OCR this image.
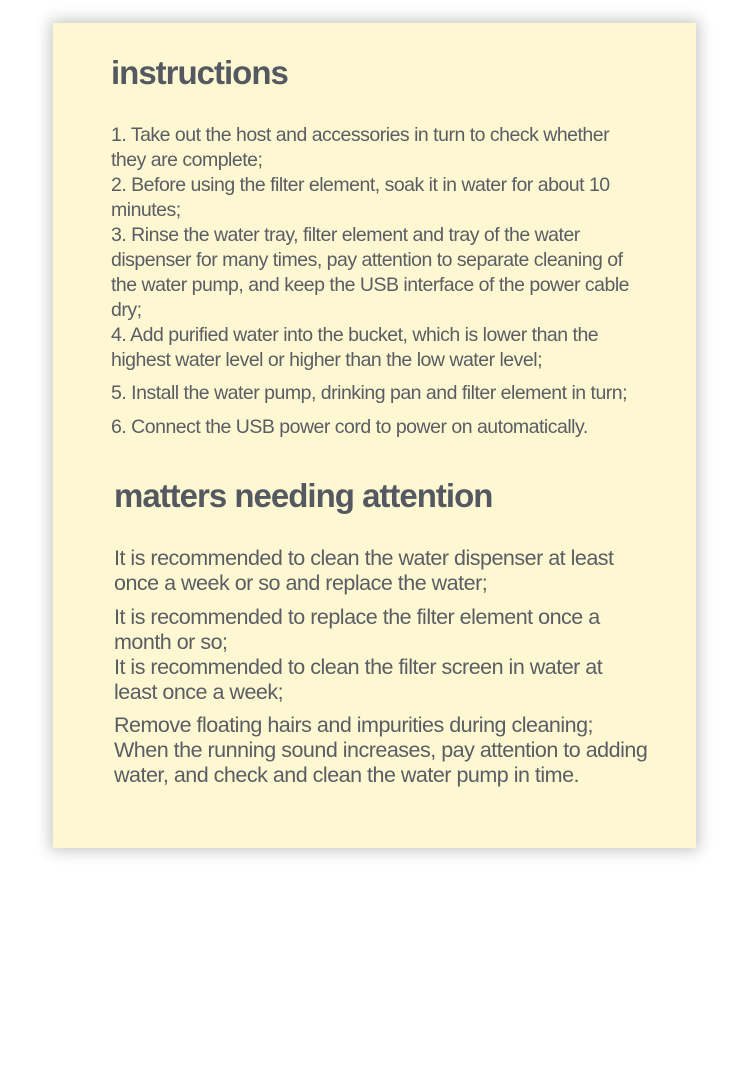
instructions

1. Take out the host and accessories in turn to check whether
they are complete;

2. Before using the filter element, soak it in water for about 10
minutes;

3. Rinse the water tray, filter element and tray of the water
dispenser for many times, pay attention to separate cleaning of
the water pump, and keep the USB interface of the power cable
dry;

4. Add purified water into the bucket, which is lower than the
highest water level or higher than the low water level;

5. Install the water pump, drinking pan and filter element in turn;

6. Connect the USB power cord to power on automatically.

matters needing attention

It is recommended to clean the water dispenser at least
once a week or so and replace the water;

It is recommended to replace the filter element once a
month or so;

It is recommended to clean the filter screen in water at
least once a week;

Remove floating hairs and impurities during cleaning;

When the running sound increases, pay attention to adding
water, and check and clean the water pump in time.
